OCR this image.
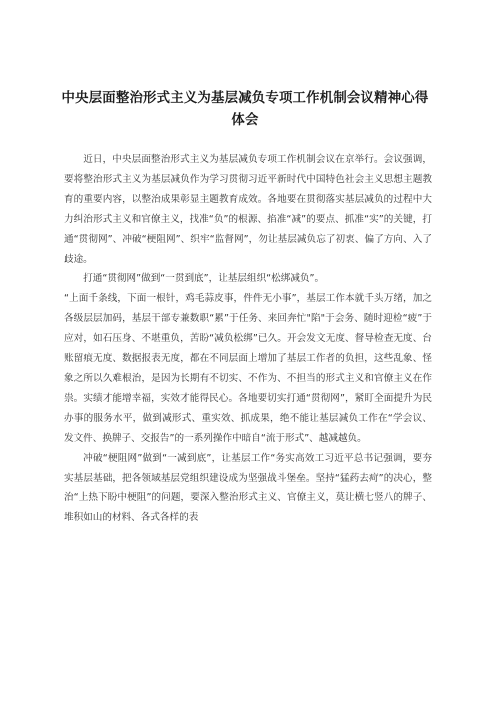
中央层面整治形式主义为基层减负专项工作机制会议精神心得体会

近日，中央层面整治形式主义为基层减负专项工作机制会议在京举行。会议强调，要将整治形式主义为基层减负作为学习贯彻习近平新时代中国特色社会主义思想主题教育的重要内容，以整治成果彰显主题教育成效。各地要在贯彻落实基层减负的过程中大力纠治形式主义和官僚主义，找准“负”的根源、掐准“减”的要点、抓准“实”的关键，打通“贯彻网”、冲破“梗阻网”、织牢“监督网”，勿让基层减负忘了初衷、偏了方向、入了歧途。

打通“贯彻网”做到“一贯到底”，让基层组织“松绑减负”。

“上面千条线，下面一根针，鸡毛蒜皮事，件件无小事”，基层工作本就千头万绪，加之各级层层加码，基层干部专兼数职“累”于任务、来回奔忙"陷"于会务、随时迎检“疲”于应对，如石压身、不堪重负，苦盼“减负松绑”已久。开会发文无度、督导检查无度、台账留痕无度、数据报表无度，都在不同层面上增加了基层工作者的负担，这些乱象、怪象之所以久难根治，是因为长期有不切实、不作为、不担当的形式主义和官僚主义在作祟。实绩才能增幸福，实效才能得民心。各地要切实打通“贯彻网”，紧盯全面提升为民办事的服务水平，做到减形式、重实效、抓成果，绝不能让基层减负工作在“学会议、发文件、换牌子、交报告”的一系列操作中暗自“流于形式”、越减越负。

冲破“梗阻网”做到“一减到底”，让基层工作“务实高效工习近平总书记强调，要夯实基层基础，把各领域基层党组织建设成为坚强战斗堡垒。坚持“猛药去疴”的决心，整治“上热下盼中梗阻”的问题，要深入整治形式主义、官僚主义，莫让横七竖八的牌子、堆积如山的材料、各式各样的表
